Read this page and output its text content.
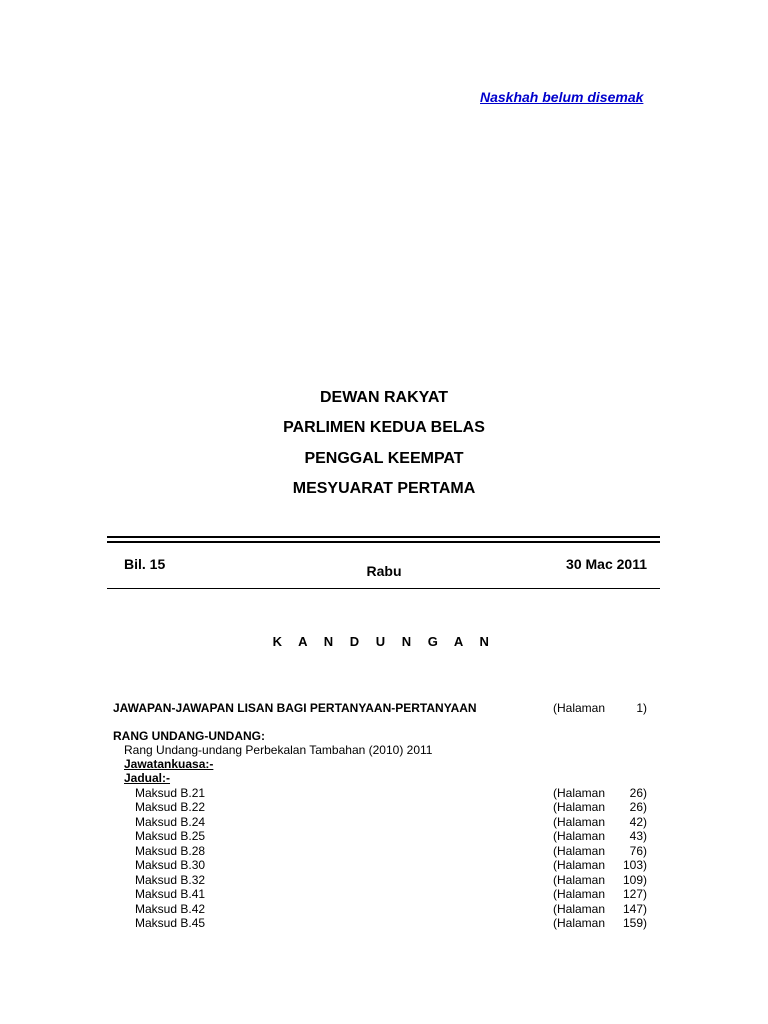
Naskhah belum disemak
DEWAN RAKYAT
PARLIMEN KEDUA BELAS
PENGGAL KEEMPAT
MESYUARAT PERTAMA
Bil. 15	Rabu	30 Mac 2011
K A N D U N G A N
JAWAPAN-JAWAPAN LISAN BAGI PERTANYAAN-PERTANYAAN	(Halaman	1)
RANG UNDANG-UNDANG:
Rang Undang-undang Perbekalan Tambahan (2010) 2011
Jawatankuasa:-
Jadual:-
Maksud B.21	(Halaman 26)
Maksud B.22	(Halaman 26)
Maksud B.24	(Halaman 42)
Maksud B.25	(Halaman 43)
Maksud B.28	(Halaman 76)
Maksud B.30	(Halaman 103)
Maksud B.32	(Halaman 109)
Maksud B.41	(Halaman 127)
Maksud B.42	(Halaman 147)
Maksud B.45	(Halaman 159)
